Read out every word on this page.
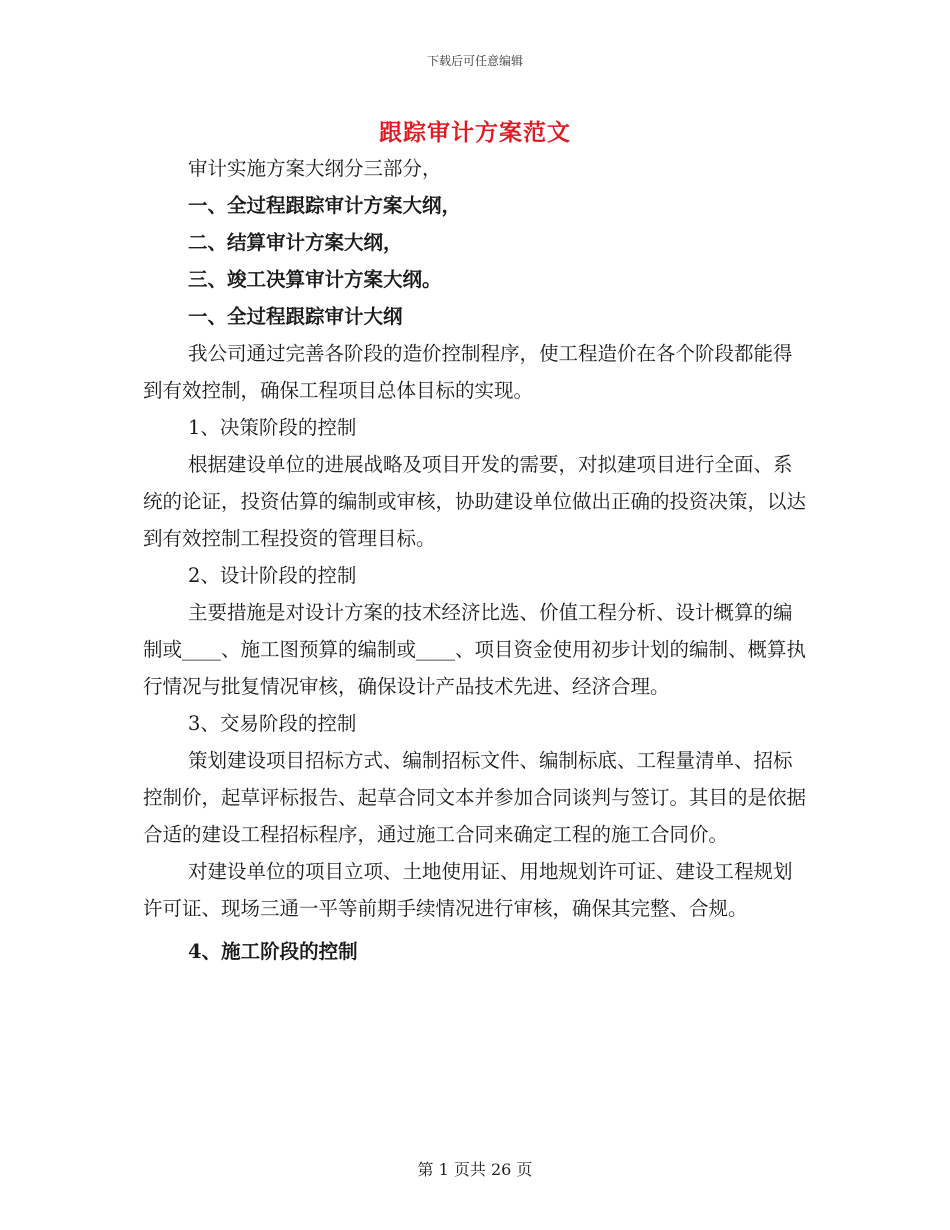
下载后可任意编辑
跟踪审计方案范文

审计实施方案大纲分三部分，

一、全过程跟踪审计方案大纲，

二、结算审计方案大纲，

三、竣工决算审计方案大纲。

一、全过程跟踪审计大纲

我公司通过完善各阶段的造价控制程序，使工程造价在各个阶段都能得到有效控制，确保工程项目总体目标的实现。

1、决策阶段的控制

根据建设单位的进展战略及项目开发的需要，对拟建项目进行全面、系统的论证，投资估算的编制或审核，协助建设单位做出正确的投资决策，以达到有效控制工程投资的管理目标。

2、设计阶段的控制

主要措施是对设计方案的技术经济比选、价值工程分析、设计概算的编制或____、施工图预算的编制或____、项目资金使用初步计划的编制、概算执行情况与批复情况审核，确保设计产品技术先进、经济合理。

3、交易阶段的控制

策划建设项目招标方式、编制招标文件、编制标底、工程量清单、招标控制价，起草评标报告、起草合同文本并参加合同谈判与签订。其目的是依据合适的建设工程招标程序，通过施工合同来确定工程的施工合同价。

对建设单位的项目立项、土地使用证、用地规划许可证、建设工程规划许可证、现场三通一平等前期手续情况进行审核，确保其完整、合规。

4、施工阶段的控制

第 1 页共 26 页
